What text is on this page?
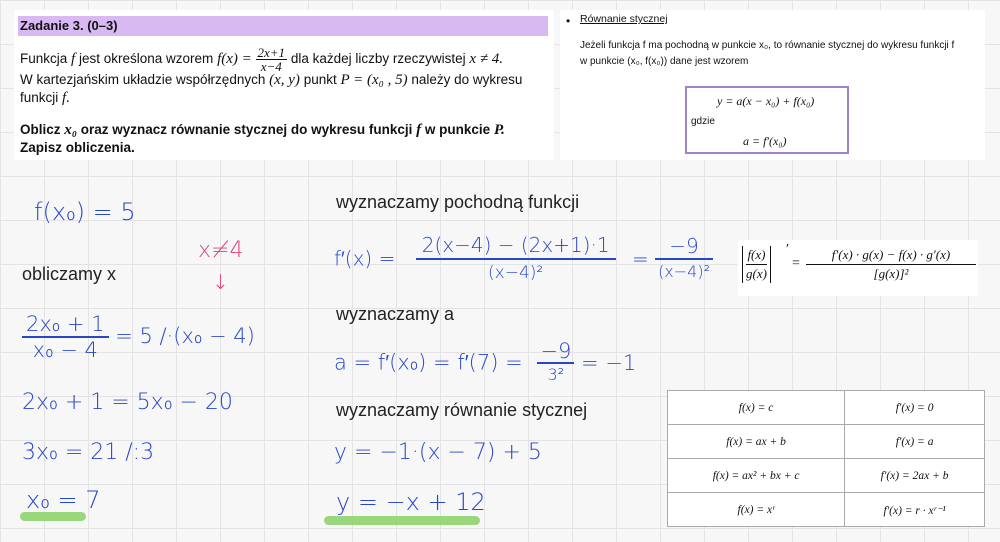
Zadanie 3. (0–3)
Funkcja f jest określona wzorem $f(x) = \frac{2x+1}{x-4}$ dla każdej liczby rzeczywistej x ≠ 4.
W kartezjańskim układzie współrzędnych (x, y) punkt P = (x₀ , 5) należy do wykresu
funkcji f.
Oblicz x₀ oraz wyznacz równanie stycznej do wykresu funkcji f w punkcie P.
Zapisz obliczenia.
• Równanie stycznej
Jeżeli funkcja f ma pochodną w punkcie x₀, to równanie stycznej do wykresu funkcji f
w punkcie (x₀, f(x₀)) dane jest wzorem
y = a(x − x₀) + f(x₀)
gdzie
a = f′(x₀)
f(x₀) = 5
obliczamy x
x≠4
↓
$\frac{\text{2x₀ + 1}}{\text{x₀ − 4}} = 5$ /·(x₀ − 4)
2x₀ + 1 = 5x₀ − 20
3x₀ = 21 /:3
x₀ = 7
wyznaczamy pochodną funkcji
$f'(x) = \frac{2(x-4) - (2x+1)\cdot 1}{\text{(x−4)²}}$ =
−9
(x−4)²
wyznaczamy a
a = f′(x₀) = f′(7) = −9
3² = −1
wyznaczamy równanie stycznej
y = −1·(x − 7) + 5
y = −x + 12
f(x)
g(x)
′
=
f′(x) · g(x) − f(x) · g′(x)
[g(x)]²
f(x) = c	f′(x) = 0
f(x) = ax + b	f′(x) = a
f(x) = ax² + bx + c	f′(x) = 2ax + b
f(x) = xʳ	f′(x) = r · xʳ⁻¹
